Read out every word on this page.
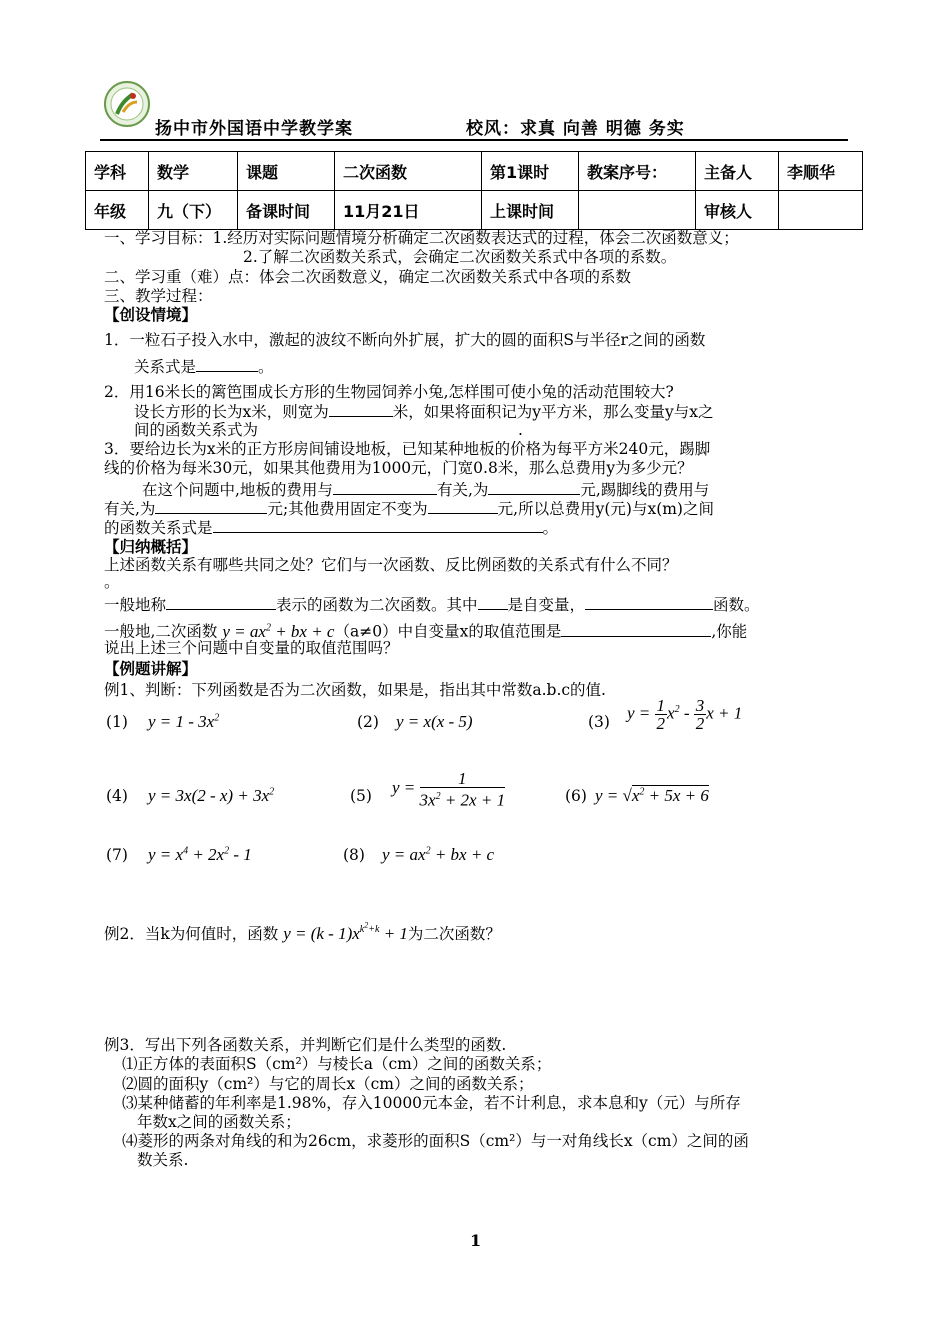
扬中市外国语中学教学案	校风：求真 向善 明德 务实
学科	数学	课题	二次函数	第1课时	教案序号：	主备人	李顺华
年级	九（下）	备课时间	11月21日	上课时间		审核人	
一、学习目标：1.经历对实际问题情境分析确定二次函数表达式的过程，体会二次函数意义；
2.了解二次函数关系式，会确定二次函数关系式中各项的系数。
二、学习重（难）点：体会二次函数意义，确定二次函数关系式中各项的系数
三、教学过程：
【创设情境】
1．一粒石子投入水中，激起的波纹不断向外扩展，扩大的圆的面积S与半径r之间的函数
关系式是	。
2．用16米长的篱笆围成长方形的生物园饲养小兔,怎样围可使小兔的活动范围较大?
设长方形的长为x米，则宽为	米，如果将面积记为y平方米，那么变量y与x之
间的函数关系式为	.
3．要给边长为x米的正方形房间铺设地板，已知某种地板的价格为每平方米240元，踢脚
线的价格为每米30元，如果其他费用为1000元，门宽0.8米，那么总费用y为多少元？
在这个问题中,地板的费用与	有关,为	元,踢脚线的费用与
有关,为	元;其他费用固定不变为	元,所以总费用y(元)与x(m)之间
的函数关系式是	。
【归纳概括】
上述函数关系有哪些共同之处？它们与一次函数、反比例函数的关系式有什么不同？
。
一般地称	表示的函数为二次函数。其中 是自变量，	函数。
一般地,二次函数 $y = ax^2$ + bx + c（a≠0）中自变量x的取值范围是	,你能
说出上述三个问题中自变量的取值范围吗？
【例题讲解】
例1、判断：下列函数是否为二次函数，如果是，指出其中常数a.b.c的值.
(1) $y = 1 - 3x^2$	(2) y = x(x - 5)	(3) $y = \frac{1}{2} x^2 - \frac{3}{2}$ x + 1
(4) $y = 3x(2 - x) + 3x^2$	(5) $y = \frac{1}{3x^2 + 2x + 1}$	(6) $y = √x^2 + 5x + 6$
(7) $y = x^4 + 2x^2 - 1$	(8) $y = ax^2$ + bx + c
例2．当k为何值时，函数 $y = (k - 1)x^{k^2+k} + 1$为二次函数？
例3．写出下列各函数关系，并判断它们是什么类型的函数.
⑴正方体的表面积S（cm²）与棱长a（cm）之间的函数关系；
⑵圆的面积y（cm²）与它的周长x（cm）之间的函数关系；
⑶某种储蓄的年利率是1.98%，存入10000元本金，若不计利息，求本息和y（元）与所存
年数x之间的函数关系；
⑷菱形的两条对角线的和为26cm，求菱形的面积S（cm²）与一对角线长x（cm）之间的函
数关系.
1
